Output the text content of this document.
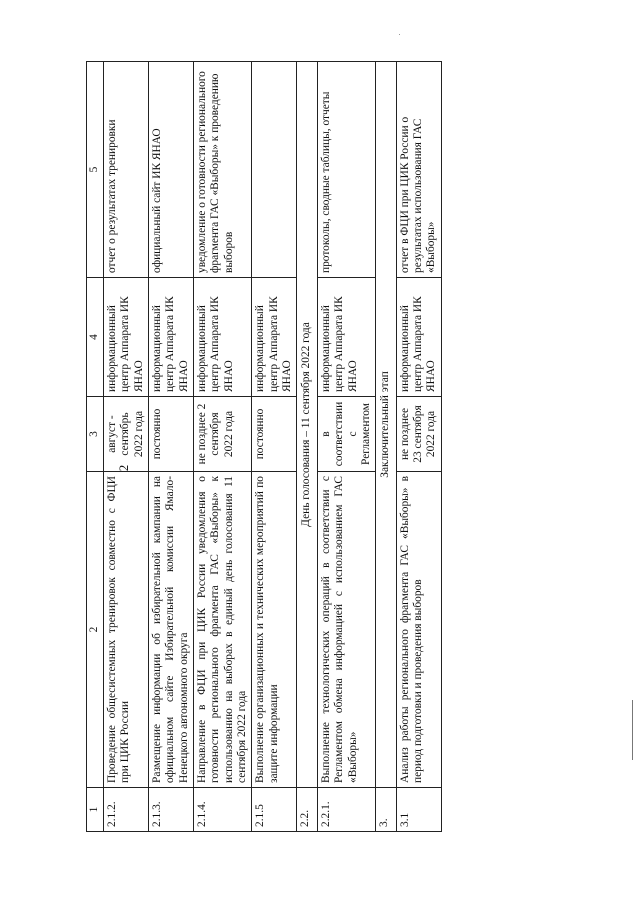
2
1	2	3	4	5
2.1.2.	Проведение общесистемных тренировок совместно с ФЦИ при ЦИК России	август - сентябрь 2022 года	информационный центр Аппарата ИК ЯНАО	отчет о результатах тренировки
2.1.3.	Размещение информации об избирательной кампании на официальном сайте Избирательной комиссии Ямало-Ненецкого автономного округа	постоянно	информационный центр Аппарата ИК ЯНАО	официальный сайт ИК ЯНАО
2.1.4.	Направление в ФЦИ при ЦИК России уведомления о готовности регионального фрагмента ГАС «Выборы» к использованию на выборах в единый день голосования 11 сентября 2022 года	не позднее 2 сентября 2022 года	информационный центр Аппарата ИК ЯНАО	уведомление о готовности регионального фрагмента ГАС «Выборы» к проведению выборов
2.1.5	Выполнение организационных и технических мероприятий по защите информации	постоянно	информационный центр Аппарата ИК ЯНАО	
2.2.	День голосования – 11 сентября 2022 года			
2.2.1.	Выполнение технологических операций в соответствии с Регламентом обмена информацией с использованием ГАС «Выборы»	в соответствии с Регламентом	информационный центр Аппарата ИК ЯНАО	протоколы, сводные таблицы, отчеты
3.	Заключительный этап			
3.1	Анализ работы регионального фрагмента ГАС «Выборы» в период подготовки и проведения выборов	не позднее 23 сентября 2022 года	информационный центр Аппарата ИК ЯНАО	отчет в ФЦИ при ЦИК России о результатах использования ГАС «Выборы»
